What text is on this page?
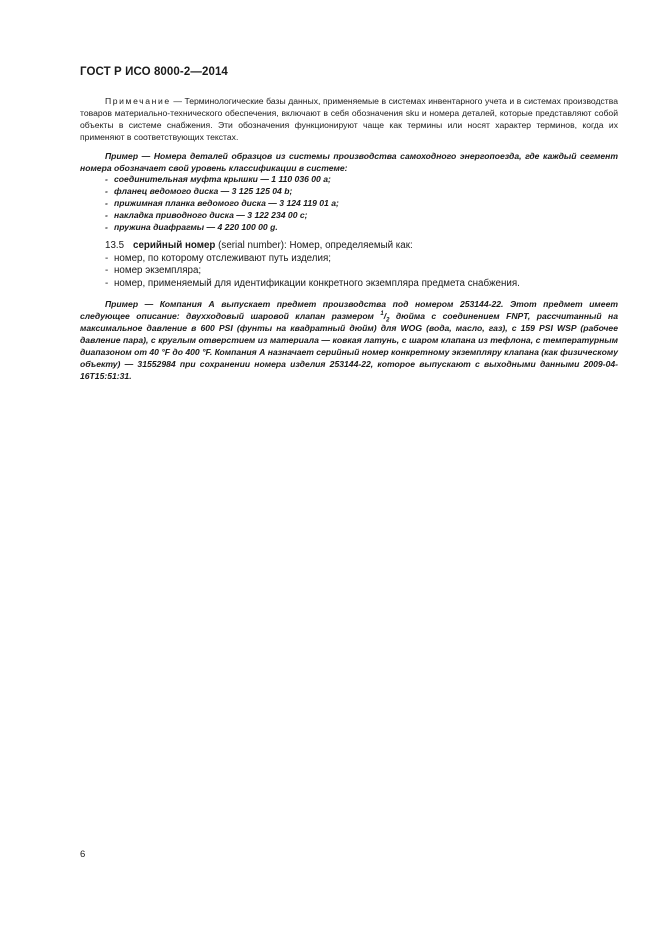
ГОСТ Р ИСО 8000-2—2014

Примечание — Терминологические базы данных, применяемые в системах инвентарного учета и в системах производства товаров материально-технического обеспечения, включают в себя обозначения sku и номера деталей, которые представляют собой объекты в системе снабжения. Эти обозначения функционируют чаще как термины или носят характер терминов, когда их применяют в соответствующих текстах.

Пример — Номера деталей образцов из системы производства самоходного энергопоезда, где каждый сегмент номера обозначает свой уровень классификации в системе:

- соединительная муфта крышки — 1 110 036 00 a;
- фланец ведомого диска — 3 125 125 04 b;
- прижимная планка ведомого диска — 3 124 119 01 a;
- накладка приводного диска — 3 122 234 00 c;
- пружина диафрагмы — 4 220 100 00 g.
13.5 серийный номер (serial number): Номер, определяемый как:
- номер, по которому отслеживают путь изделия;
- номер экземпляра;
- номер, применяемый для идентификации конкретного экземпляра предмета снабжения.

Пример — Компания А выпускает предмет производства под номером 253144-22. Этот предмет имеет следующее описание: двухходовый шаровой клапан размером $^1/_2$ дюйма с соединением FNPT, рассчитанный на максимальное давление в 600 PSI (фунты на квадратный дюйм) для WOG (вода, масло, газ), с 159 PSI WSP (рабочее давление пара), с круглым отверстием из материала — ковкая латунь, с шаром клапана из тефлона, с температурным диапазоном от 40 °F до 400 °F. Компания А назначает серийный номер конкретному экземпляру клапана (как физическому объекту) — 31552984 при сохранении номера изделия 253144-22, которое выпускают с выходными данными 2009-04-16T15:51:31.

6
